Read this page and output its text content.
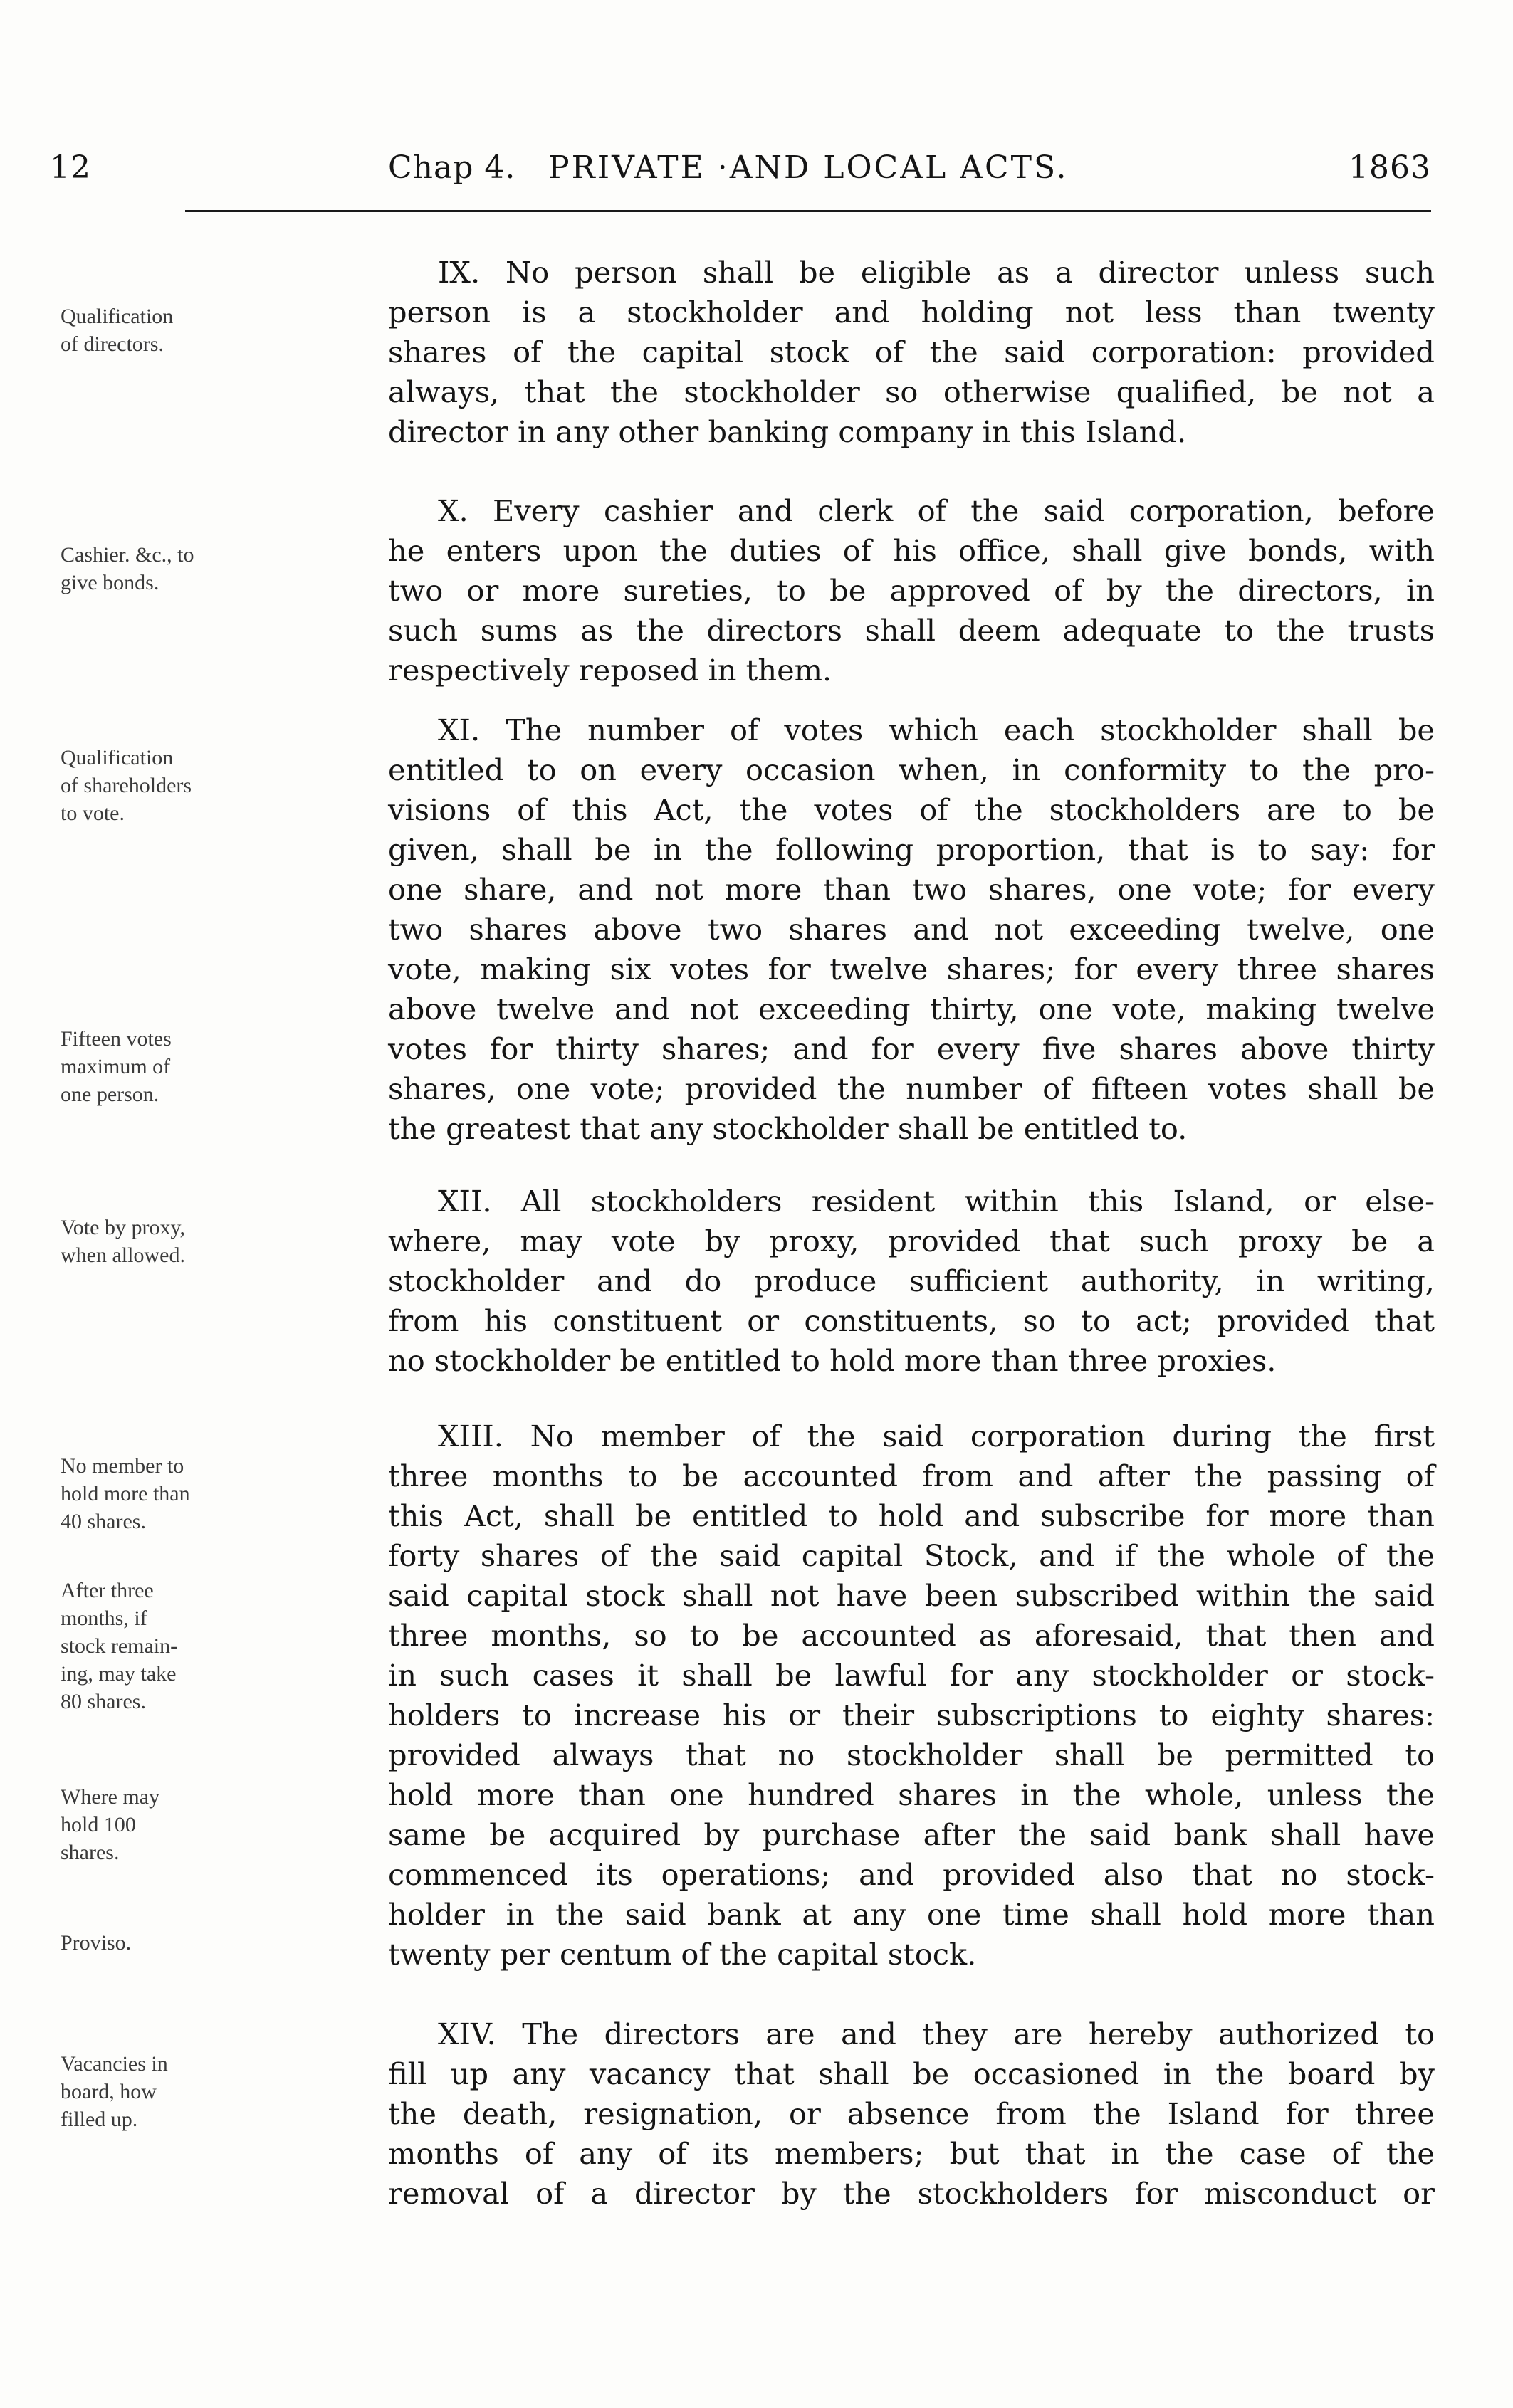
12	Chap 4. PRIVATE ·AND LOCAL ACTS.	1863
Qualification
of directors.
Cashier. &c., to
give bonds.
Qualification
of shareholders
to vote.
Fifteen votes
maximum of
one person.
Vote by proxy,
when allowed.
No member to
hold more than
40 shares.
After three
months, if
stock remain-
ing, may take
80 shares.
Where may
hold 100
shares.
Proviso.
Vacancies in
board, how
filled up.
IX. No person shall be eligible as a director unless such
person is a stockholder and holding not less than twenty
shares of the capital stock of the said corporation: provided
always, that the stockholder so otherwise qualified, be not a
director in any other banking company in this Island.
X. Every cashier and clerk of the said corporation, before
he enters upon the duties of his office, shall give bonds, with
two or more sureties, to be approved of by the directors, in
such sums as the directors shall deem adequate to the trusts
respectively reposed in them.
XI. The number of votes which each stockholder shall be
entitled to on every occasion when, in conformity to the pro-
visions of this Act, the votes of the stockholders are to be
given, shall be in the following proportion, that is to say: for
one share, and not more than two shares, one vote; for every
two shares above two shares and not exceeding twelve, one
vote, making six votes for twelve shares; for every three shares
above twelve and not exceeding thirty, one vote, making twelve
votes for thirty shares; and for every five shares above thirty
shares, one vote; provided the number of fifteen votes shall be
the greatest that any stockholder shall be entitled to.
XII. All stockholders resident within this Island, or else-
where, may vote by proxy, provided that such proxy be a
stockholder and do produce sufficient authority, in writing,
from his constituent or constituents, so to act; provided that
no stockholder be entitled to hold more than three proxies.
XIII. No member of the said corporation during the first
three months to be accounted from and after the passing of
this Act, shall be entitled to hold and subscribe for more than
forty shares of the said capital Stock, and if the whole of the
said capital stock shall not have been subscribed within the said
three months, so to be accounted as aforesaid, that then and
in such cases it shall be lawful for any stockholder or stock-
holders to increase his or their subscriptions to eighty shares:
provided always that no stockholder shall be permitted to
hold more than one hundred shares in the whole, unless the
same be acquired by purchase after the said bank shall have
commenced its operations; and provided also that no stock-
holder in the said bank at any one time shall hold more than
twenty per centum of the capital stock.
XIV. The directors are and they are hereby authorized to
fill up any vacancy that shall be occasioned in the board by
the death, resignation, or absence from the Island for three
months of any of its members; but that in the case of the
removal of a director by the stockholders for misconduct or
